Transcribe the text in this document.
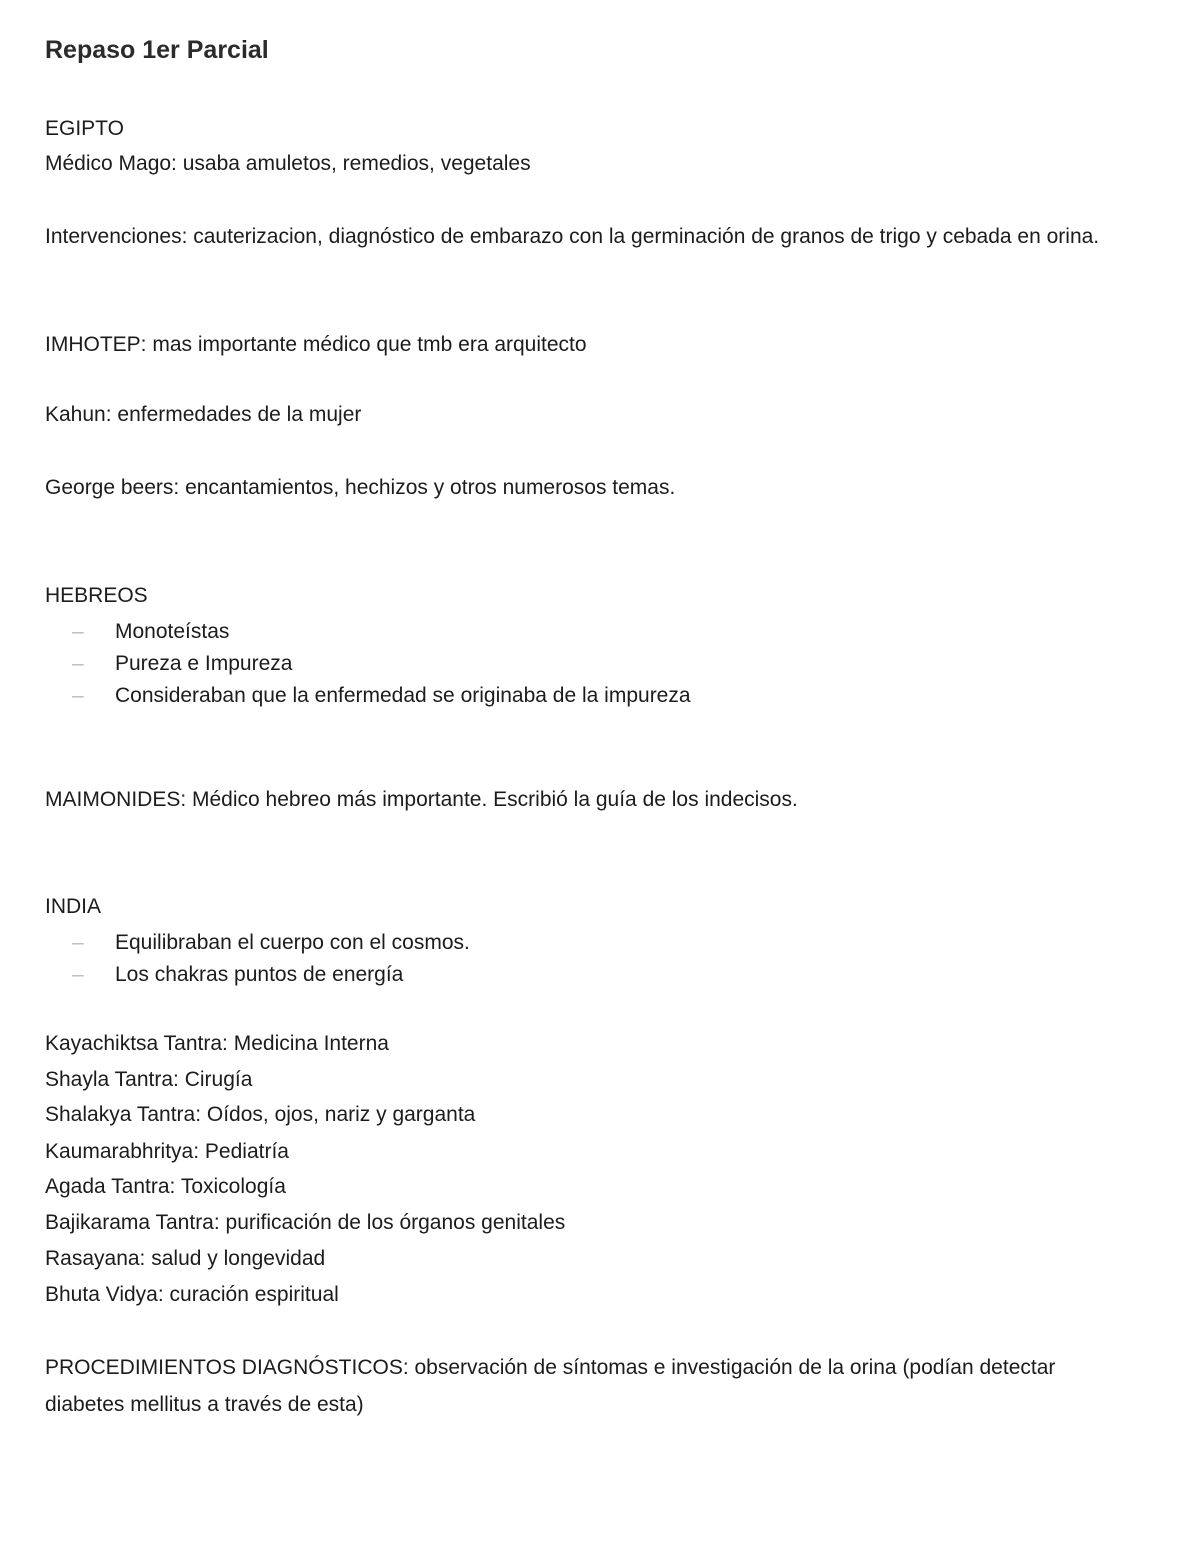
Repaso 1er Parcial
EGIPTO
Médico Mago: usaba amuletos, remedios, vegetales
Intervenciones: cauterizacion, diagnóstico de embarazo con la germinación de granos de trigo y cebada en orina.
IMHOTEP: mas importante médico que tmb era arquitecto
Kahun: enfermedades de la mujer
George beers: encantamientos, hechizos y otros numerosos temas.
HEBREOS
– Monoteístas
– Pureza e Impureza
– Consideraban que la enfermedad se originaba de la impureza
MAIMONIDES: Médico hebreo más importante. Escribió la guía de los indecisos.
INDIA
– Equilibraban el cuerpo con el cosmos.
– Los chakras puntos de energía
Kayachiktsa Tantra: Medicina Interna
Shayla Tantra: Cirugía
Shalakya Tantra: Oídos, ojos, nariz y garganta
Kaumarabhritya: Pediatría
Agada Tantra: Toxicología
Bajikarama Tantra: purificación de los órganos genitales
Rasayana: salud y longevidad
Bhuta Vidya: curación espiritual
PROCEDIMIENTOS DIAGNÓSTICOS: observación de síntomas e investigación de la orina (podían detectar diabetes mellitus a través de esta)
